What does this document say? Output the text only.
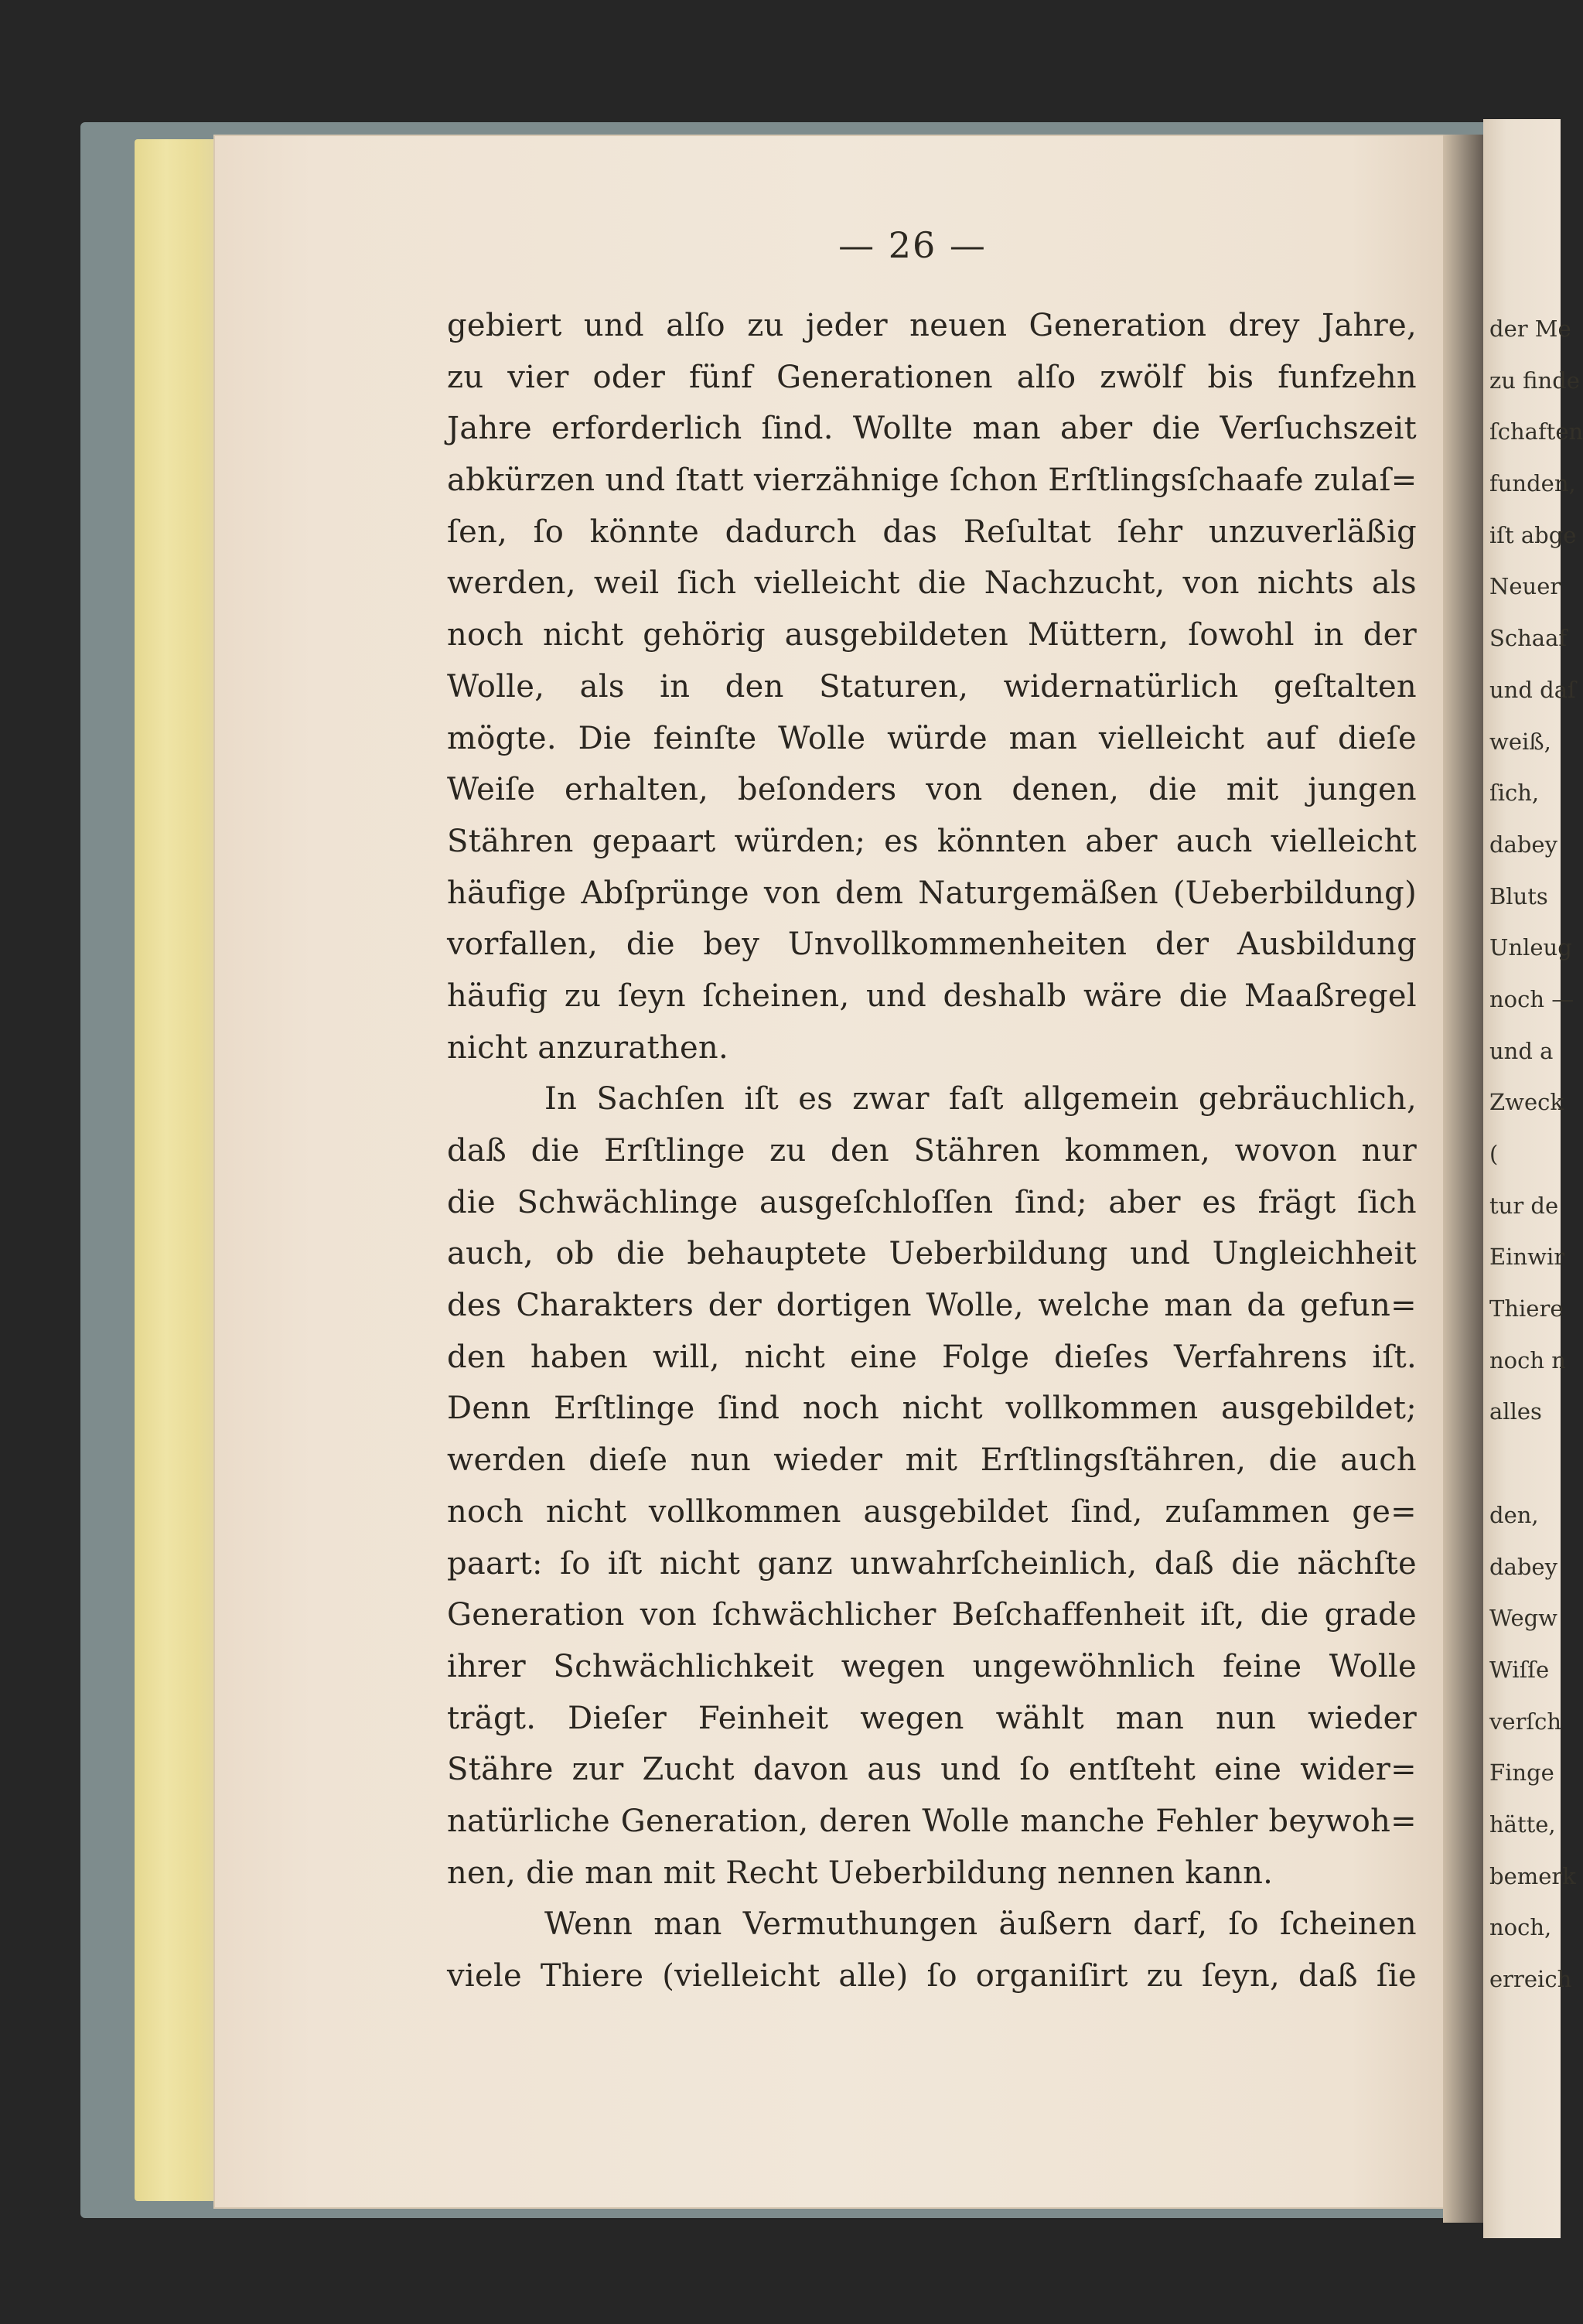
der Me
zu finde
ſchaften
funden,
iſt abge
Neuer
Schaaf
und daſ
weiß,
ſich,
dabey
Bluts
Unleug
noch —
und a
Zweck
(
tur de
Einwir
Thiere
noch n
alles
den,
dabey
Wegw
Wiſſe
verſch
Finge
hätte,
bemerk
noch,
erreich
— 26 —
gebiert und alſo zu jeder neuen Generation drey Jahre,
zu vier oder fünf Generationen alſo zwölf bis funfzehn
Jahre erforderlich ſind. Wollte man aber die Verſuchszeit
abkürzen und ſtatt vierzähnige ſchon Erſtlingsſchaafe zulaſ=
ſen, ſo könnte dadurch das Reſultat ſehr unzuverläßig
werden, weil ſich vielleicht die Nachzucht, von nichts als
noch nicht gehörig ausgebildeten Müttern, ſowohl in der
Wolle, als in den Staturen, widernatürlich geſtalten
mögte. Die feinſte Wolle würde man vielleicht auf dieſe
Weiſe erhalten, beſonders von denen, die mit jungen
Stähren gepaart würden; es könnten aber auch vielleicht
häufige Abſprünge von dem Naturgemäßen (Ueberbildung)
vorfallen, die bey Unvollkommenheiten der Ausbildung
häufig zu ſeyn ſcheinen, und deshalb wäre die Maaßregel
nicht anzurathen.
In Sachſen iſt es zwar faſt allgemein gebräuchlich,
daß die Erſtlinge zu den Stähren kommen, wovon nur
die Schwächlinge ausgeſchloſſen ſind; aber es frägt ſich
auch, ob die behauptete Ueberbildung und Ungleichheit
des Charakters der dortigen Wolle, welche man da gefun=
den haben will, nicht eine Folge dieſes Verfahrens iſt.
Denn Erſtlinge ſind noch nicht vollkommen ausgebildet;
werden dieſe nun wieder mit Erſtlingsſtähren, die auch
noch nicht vollkommen ausgebildet ſind, zuſammen ge=
paart: ſo iſt nicht ganz unwahrſcheinlich, daß die nächſte
Generation von ſchwächlicher Beſchaffenheit iſt, die grade
ihrer Schwächlichkeit wegen ungewöhnlich feine Wolle
trägt. Dieſer Feinheit wegen wählt man nun wieder
Stähre zur Zucht davon aus und ſo entſteht eine wider=
natürliche Generation, deren Wolle manche Fehler beywoh=
nen, die man mit Recht Ueberbildung nennen kann.
Wenn man Vermuthungen äußern darf, ſo ſcheinen
viele Thiere (vielleicht alle) ſo organiſirt zu ſeyn, daß ſie
